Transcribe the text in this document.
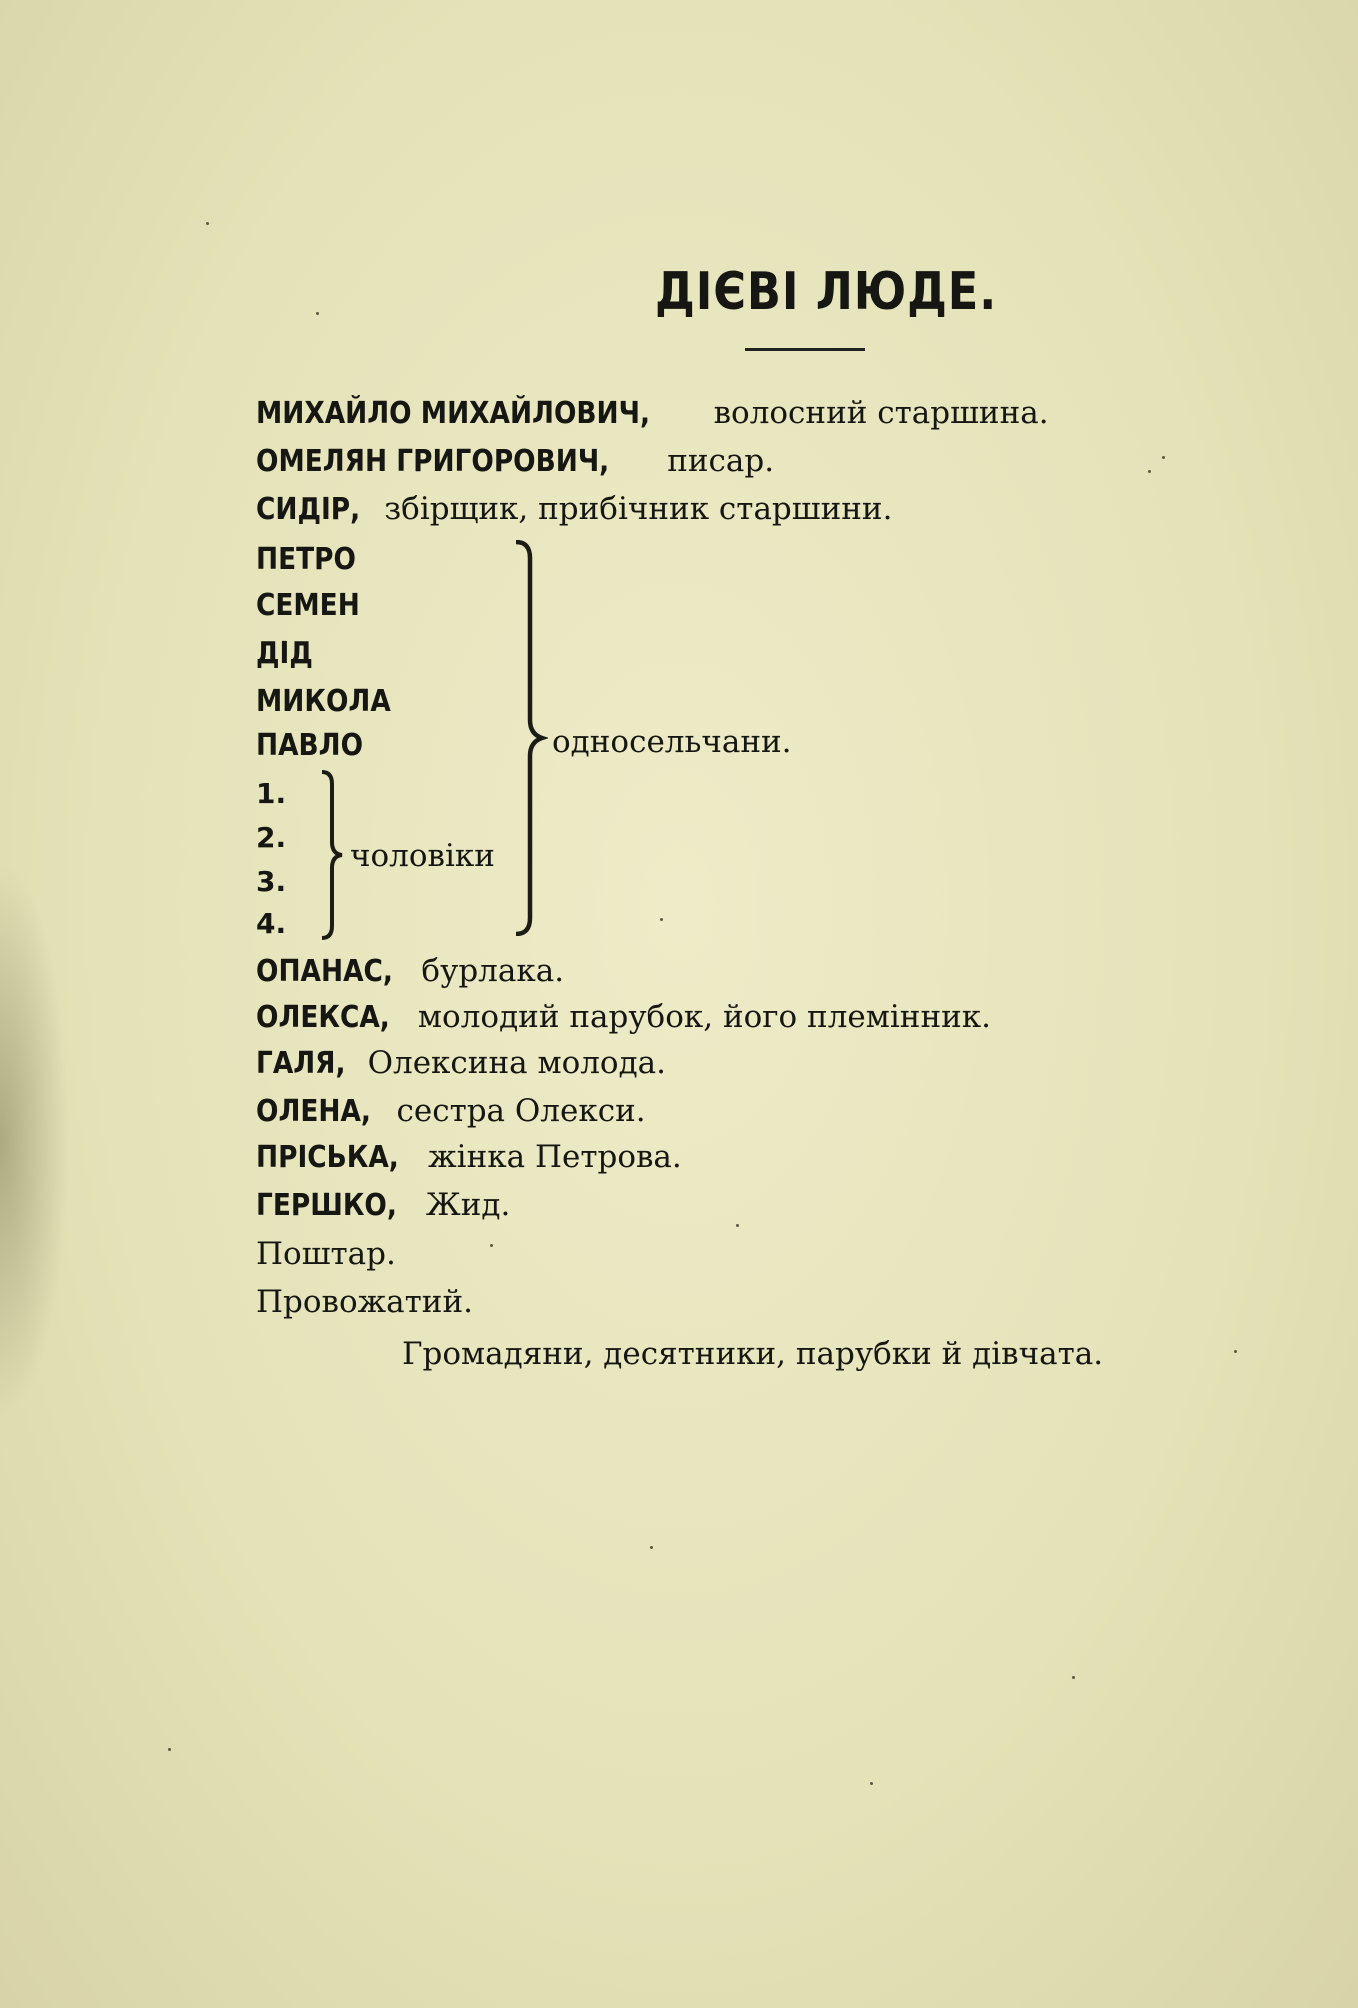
ДІЄВІ ЛЮДЕ.
МИХАЙЛО МИХАЙЛОВИЧ, волосний старшина.
ОМЕЛЯН ГРИГОРОВИЧ, писар.
СИДІР, збірщик, прибічник старшини.
ПЕТРО
СЕМЕН
ДІД
МИКОЛА
ПАВЛО
1.
2.
3.
4.
чоловіки
односельчани.
ОПАНАС, бурлака.
ОЛЕКСА, молодий парубок, його племінник.
ГАЛЯ, Олексина молода.
ОЛЕНА, сестра Олекси.
ПРІСЬКА, жінка Петрова.
ГЕРШКО, Жид.
Поштар.
Провожатий.
Громадяни, десятники, парубки й дівчата.
